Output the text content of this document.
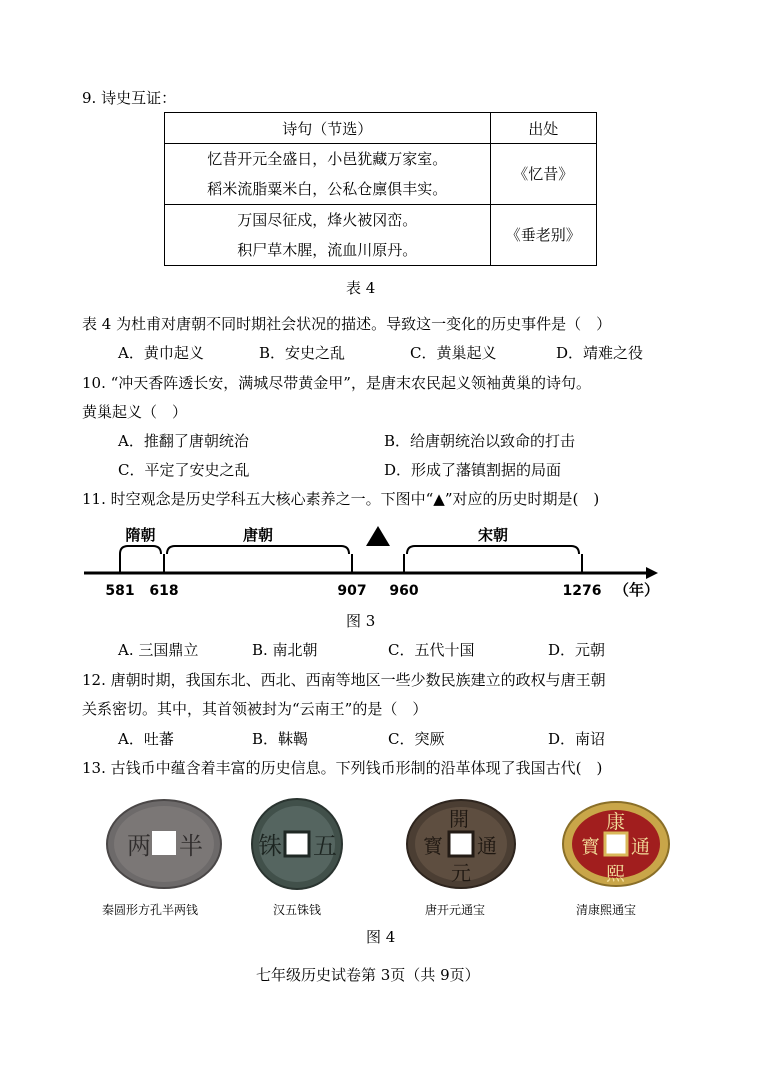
9. 诗史互证：
诗句（节选）	出处

忆昔开元全盛日，小邑犹藏万家室。
稻米流脂粟米白，公私仓廪俱丰实。	《忆昔》

万国尽征戍，烽火被冈峦。
积尸草木腥，流血川原丹。	《垂老别》
表 4
表 4 为杜甫对唐朝不同时期社会状况的描述。导致这一变化的历史事件是（　）
A．黄巾起义	B．安史之乱	C．黄巢起义	D．靖难之役
10. “冲天香阵透长安，满城尽带黄金甲”，是唐末农民起义领袖黄巢的诗句。
黄巢起义（　）
A．推翻了唐朝统治	B．给唐朝统治以致命的打击
C．平定了安史之乱	D．形成了藩镇割据的局面
11. 时空观念是历史学科五大核心素养之一。下图中“▲”对应的历史时期是(　)
隋朝	唐朝	宋朝
581 618	907 960	1276 （年）
图 3
A. 三国鼎立	B. 南北朝	C．五代十国	D．元朝
12. 唐朝时期，我国东北、西北、西南等地区一些少数民族建立的政权与唐王朝
关系密切。其中，其首领被封为“云南王”的是（　）
A．吐蕃	B．靺鞨	C．突厥	D．南诏
13. 古钱币中蕴含着丰富的历史信息。下列钱币形制的沿革体现了我国古代(　)
两 半
秦圆形方孔半两钱
五
铢
汉五铢钱
開
元
通
寳
唐开元通宝
康
熙
通
寳
清康熙通宝
图 4
七年级历史试卷第 3页（共 9页）
